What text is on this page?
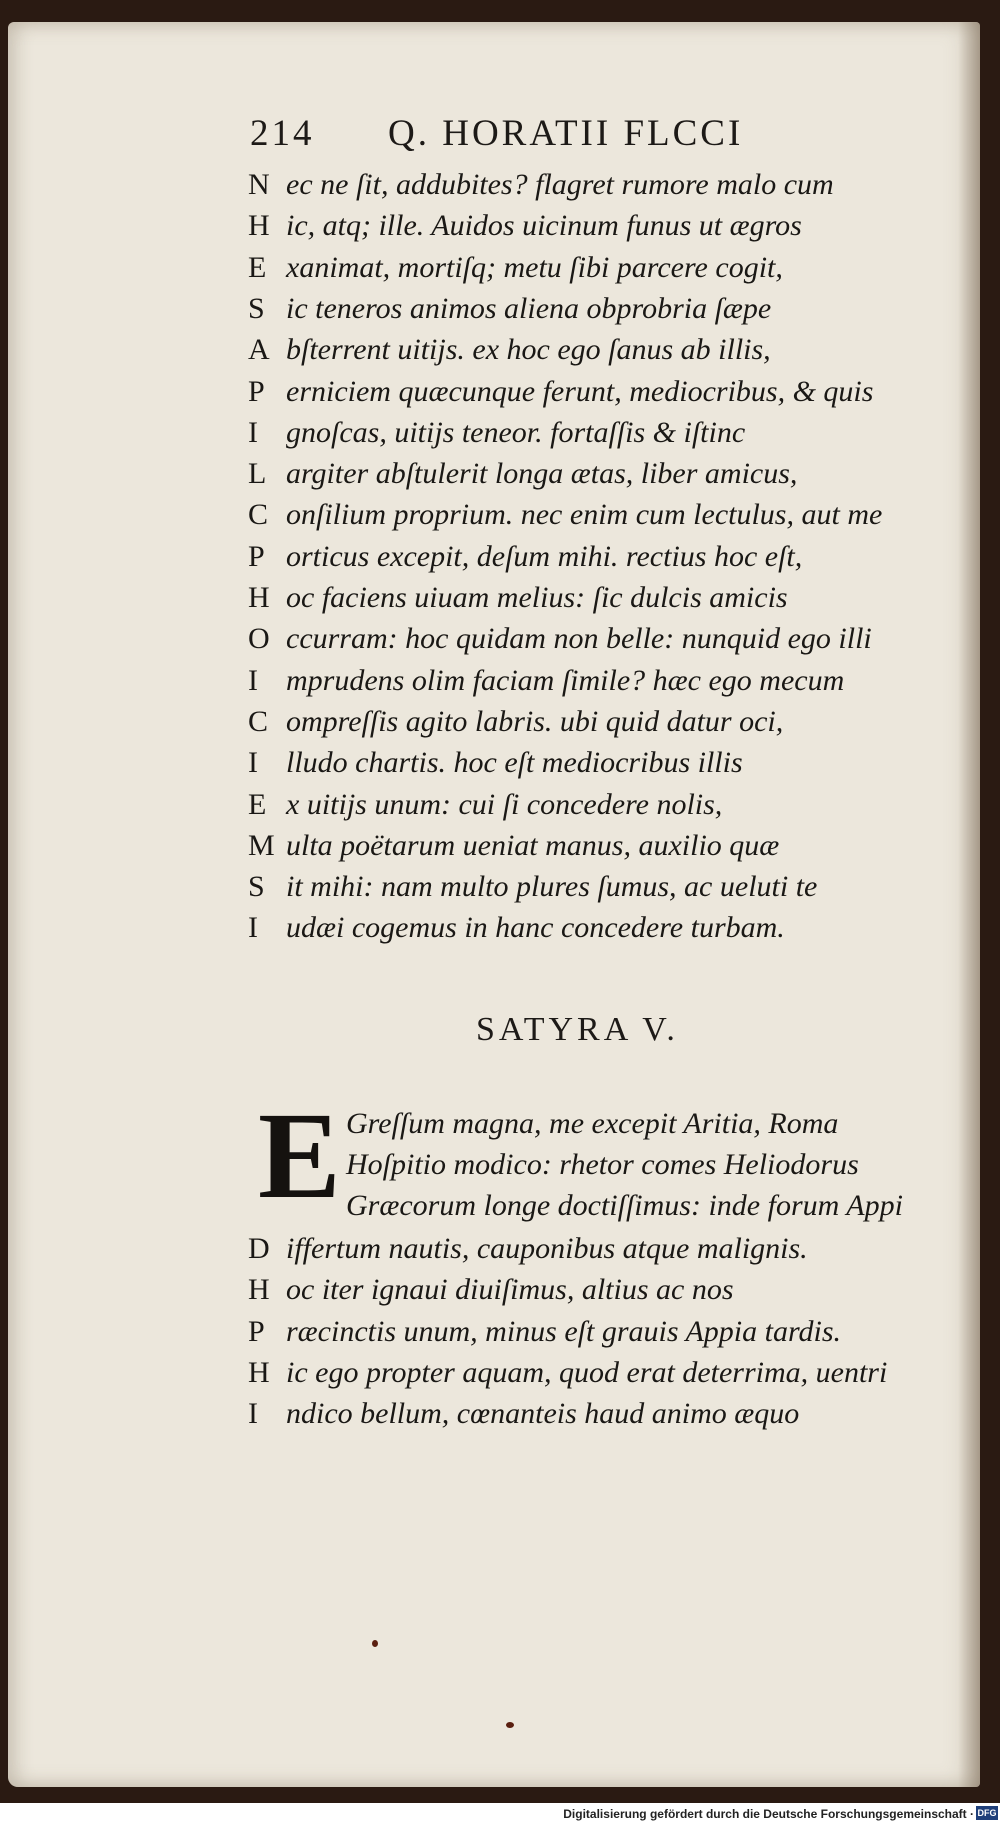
214 Q. HORATII FLCCI
N ec ne ſit, addubites? flagret rumore malo cum
H ic, atq; ille. Auidos uicinum funus ut ægros
E xanimat, mortiſq; metu ſibi parcere cogit,
S ic teneros animos aliena obprobria ſæpe
A bſterrent uitijs. ex hoc ego ſanus ab illis,
P erniciem quæcunque ferunt, mediocribus, & quis
I gnoſcas, uitijs teneor. fortaſſis & iſtinc
L argiter abſtulerit longa ætas, liber amicus,
C onſilium proprium. nec enim cum lectulus, aut me
P orticus excepit, deſum mihi. rectius hoc eſt,
H oc faciens uiuam melius: ſic dulcis amicis
O ccurram: hoc quidam non belle: nunquid ego illi
I mprudens olim faciam ſimile? hæc ego mecum
C ompreſſis agito labris. ubi quid datur oci,
I lludo chartis. hoc eſt mediocribus illis
E x uitijs unum: cui ſi concedere nolis,
M ulta poëtarum ueniat manus, auxilio quæ
S it mihi: nam multo plures ſumus, ac ueluti te
I udæi cogemus in hanc concedere turbam.
SATYRA V.
E Greſſum magna, me excepit Aritia, Roma
Hoſpitio modico: rhetor comes Heliodorus
Græcorum longe doctiſſimus: inde forum Appi
D iffertum nautis, cauponibus atque malignis.
H oc iter ignaui diuiſimus, altius ac nos
P ræcinctis unum, minus eſt grauis Appia tardis.
H ic ego propter aquam, quod erat deterrima, uentri
I ndico bellum, cœnanteis haud animo æquo
Digitalisierung gefördert durch die Deutsche Forschungsgemeinschaft · DFG
